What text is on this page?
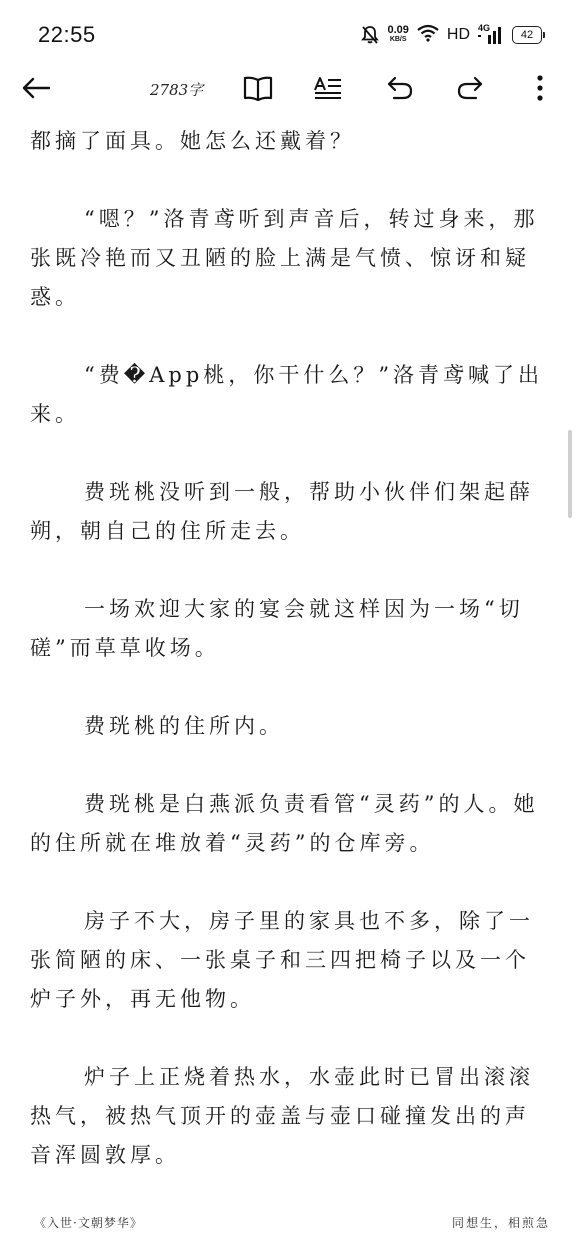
22:55	0.09
KB/S	HD 4G
42
2783字

都摘了面具。她怎么还戴着？

“嗯？”洛青鸢听到声音后，转过身来，那张既冷艳而又丑陋的脸上满是气愤、惊讶和疑惑。

“费�App桃，你干什么？”洛青鸢喊了出来。

费珖桃没听到一般，帮助小伙伴们架起薛朔，朝自己的住所走去。

一场欢迎大家的宴会就这样因为一场“切磋”而草草收场。

费珖桃的住所内。

费珖桃是白燕派负责看管“灵药”的人。她的住所就在堆放着“灵药”的仓库旁。

房子不大，房子里的家具也不多，除了一张简陋的床、一张桌子和三四把椅子以及一个炉子外，再无他物。

炉子上正烧着热水，水壶此时已冒出滚滚热气，被热气顶开的壶盖与壶口碰撞发出的声音浑圆敦厚。

《入世·文朝梦华》	同想生，相煎急
